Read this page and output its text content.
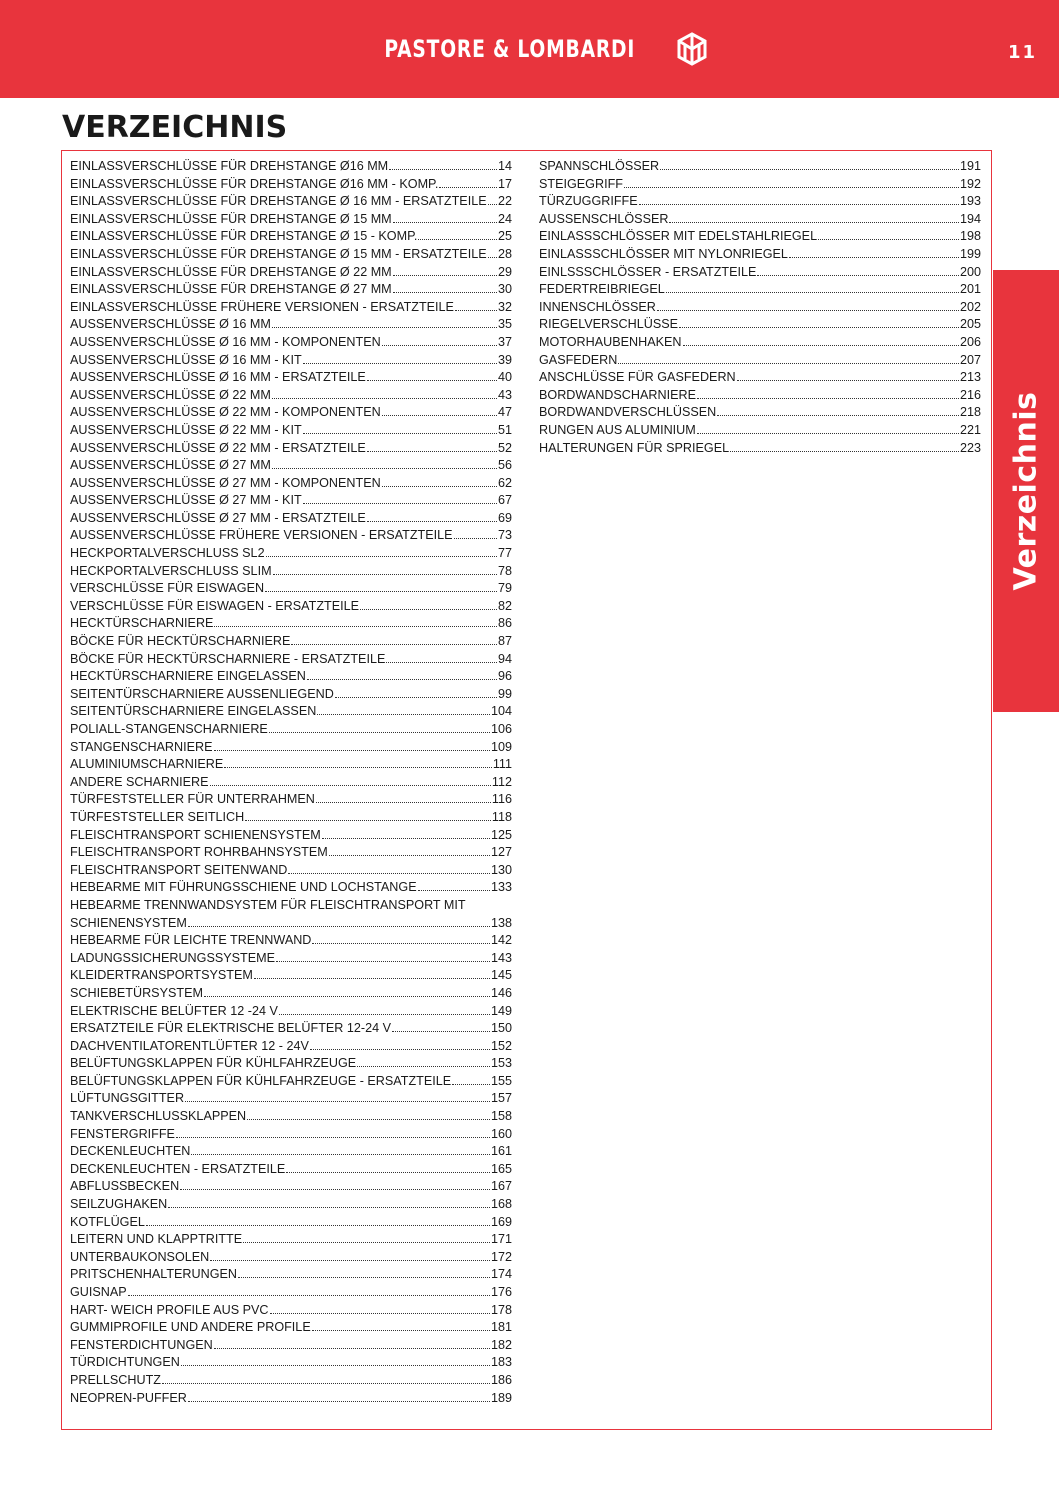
PASTORE & LOMBARDI	11
Verzeichnis
VERZEICHNIS
EINLASSVERSCHLÜSSE FÜR DREHSTANGE Ø16 MM	14
EINLASSVERSCHLÜSSE FÜR DREHSTANGE Ø16 MM - KOMP.	17
EINLASSVERSCHLÜSSE FÜR DREHSTANGE Ø 16 MM - ERSATZTEILE 22
EINLASSVERSCHLÜSSE FÜR DREHSTANGE Ø 15 MM	24
EINLASSVERSCHLÜSSE FÜR DREHSTANGE Ø 15 - KOMP.	25
EINLASSVERSCHLÜSSE FÜR DREHSTANGE Ø 15 MM - ERSATZTEILE 28
EINLASSVERSCHLÜSSE FÜR DREHSTANGE Ø 22 MM	29
EINLASSVERSCHLÜSSE FÜR DREHSTANGE Ø 27 MM	30
EINLASSVERSCHLÜSSE FRÜHERE VERSIONEN - ERSATZTEILE	32
AUSSENVERSCHLÜSSE Ø 16 MM	35
AUSSENVERSCHLÜSSE Ø 16 MM - KOMPONENTEN	37
AUSSENVERSCHLÜSSE Ø 16 MM - KIT	39
AUSSENVERSCHLÜSSE Ø 16 MM - ERSATZTEILE	40
AUSSENVERSCHLÜSSE Ø 22 MM	43
AUSSENVERSCHLÜSSE Ø 22 MM - KOMPONENTEN	47
AUSSENVERSCHLÜSSE Ø 22 MM - KIT	51
AUSSENVERSCHLÜSSE Ø 22 MM - ERSATZTEILE	52
AUSSENVERSCHLÜSSE Ø 27 MM	56
AUSSENVERSCHLÜSSE Ø 27 MM - KOMPONENTEN	62
AUSSENVERSCHLÜSSE Ø 27 MM - KIT	67
AUSSENVERSCHLÜSSE Ø 27 MM - ERSATZTEILE	69
AUSSENVERSCHLÜSSE FRÜHERE VERSIONEN - ERSATZTEILE	73
HECKPORTALVERSCHLUSS SL2	77
HECKPORTALVERSCHLUSS SLIM	78
VERSCHLÜSSE FÜR EISWAGEN	79
VERSCHLÜSSE FÜR EISWAGEN - ERSATZTEILE	82
HECKTÜRSCHARNIERE	86
BÖCKE FÜR HECKTÜRSCHARNIERE	87
BÖCKE FÜR HECKTÜRSCHARNIERE - ERSATZTEILE	94
HECKTÜRSCHARNIERE EINGELASSEN	96
SEITENTÜRSCHARNIERE AUSSENLIEGEND	99
SEITENTÜRSCHARNIERE EINGELASSEN	104
POLIALL-STANGENSCHARNIERE	106
STANGENSCHARNIERE	109
ALUMINIUMSCHARNIERE	111
ANDERE SCHARNIERE	112
TÜRFESTSTELLER FÜR UNTERRAHMEN	116
TÜRFESTSTELLER SEITLICH	118
FLEISCHTRANSPORT SCHIENENSYSTEM	125
FLEISCHTRANSPORT ROHRBAHNSYSTEM	127
FLEISCHTRANSPORT SEITENWAND	130
HEBEARME MIT FÜHRUNGSSCHIENE UND LOCHSTANGE	133
HEBEARME TRENNWANDSYSTEM FÜR FLEISCHTRANSPORT MIT
SCHIENENSYSTEM	138
HEBEARME FÜR LEICHTE TRENNWAND	142
LADUNGSSICHERUNGSSYSTEME	143
KLEIDERTRANSPORTSYSTEM	145
SCHIEBETÜRSYSTEM	146
ELEKTRISCHE BELÜFTER 12 -24 V	149
ERSATZTEILE FÜR ELEKTRISCHE BELÜFTER 12-24 V	150
DACHVENTILATORENTLÜFTER 12 - 24V	152
BELÜFTUNGSKLAPPEN FÜR KÜHLFAHRZEUGE	153
BELÜFTUNGSKLAPPEN FÜR KÜHLFAHRZEUGE - ERSATZTEILE	155
LÜFTUNGSGITTER	157
TANKVERSCHLUSSKLAPPEN	158
FENSTERGRIFFE	160
DECKENLEUCHTEN	161
DECKENLEUCHTEN - ERSATZTEILE	165
ABFLUSSBECKEN	167
SEILZUGHAKEN	168
KOTFLÜGEL	169
LEITERN UND KLAPPTRITTE	171
UNTERBAUKONSOLEN	172
PRITSCHENHALTERUNGEN	174
GUISNAP	176
HART- WEICH PROFILE AUS PVC	178
GUMMIPROFILE UND ANDERE PROFILE	181
FENSTERDICHTUNGEN	182
TÜRDICHTUNGEN	183
PRELLSCHUTZ	186
NEOPREN-PUFFER	189
SPANNSCHLÖSSER	191
STEIGEGRIFF	192
TÜRZUGGRIFFE	193
AUSSENSCHLÖSSER	194
EINLASSSCHLÖSSER MIT EDELSTAHLRIEGEL	198
EINLASSSCHLÖSSER MIT NYLONRIEGEL	199
EINLSSSCHLÖSSER - ERSATZTEILE	200
FEDERTREIBRIEGEL	201
INNENSCHLÖSSER	202
RIEGELVERSCHLÜSSE	205
MOTORHAUBENHAKEN	206
GASFEDERN	207
ANSCHLÜSSE FÜR GASFEDERN	213
BORDWANDSCHARNIERE	216
BORDWANDVERSCHLÜSSEN	218
RUNGEN AUS ALUMINIUM	221
HALTERUNGEN FÜR SPRIEGEL	223
